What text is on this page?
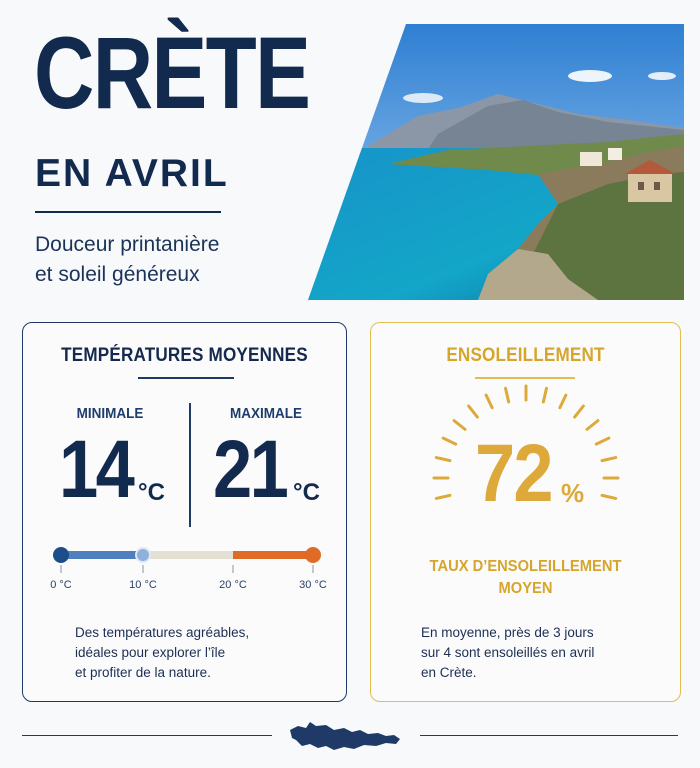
CRÈTE
EN AVRIL
Douceur printanière
et soleil généreux
TEMPÉRATURES MOYENNES
MINIMALE	MAXIMALE
14 °C 21 °C
0 °C	10 °C	20 °C	30 °C
Des températures agréables,
idéales pour explorer l’île
et profiter de la nature.
ENSOLEILLEMENT
72 %
TAUX D’ENSOLEILLEMENT
MOYEN
En moyenne, près de 3 jours
sur 4 sont ensoleillés en avril
en Crète.
